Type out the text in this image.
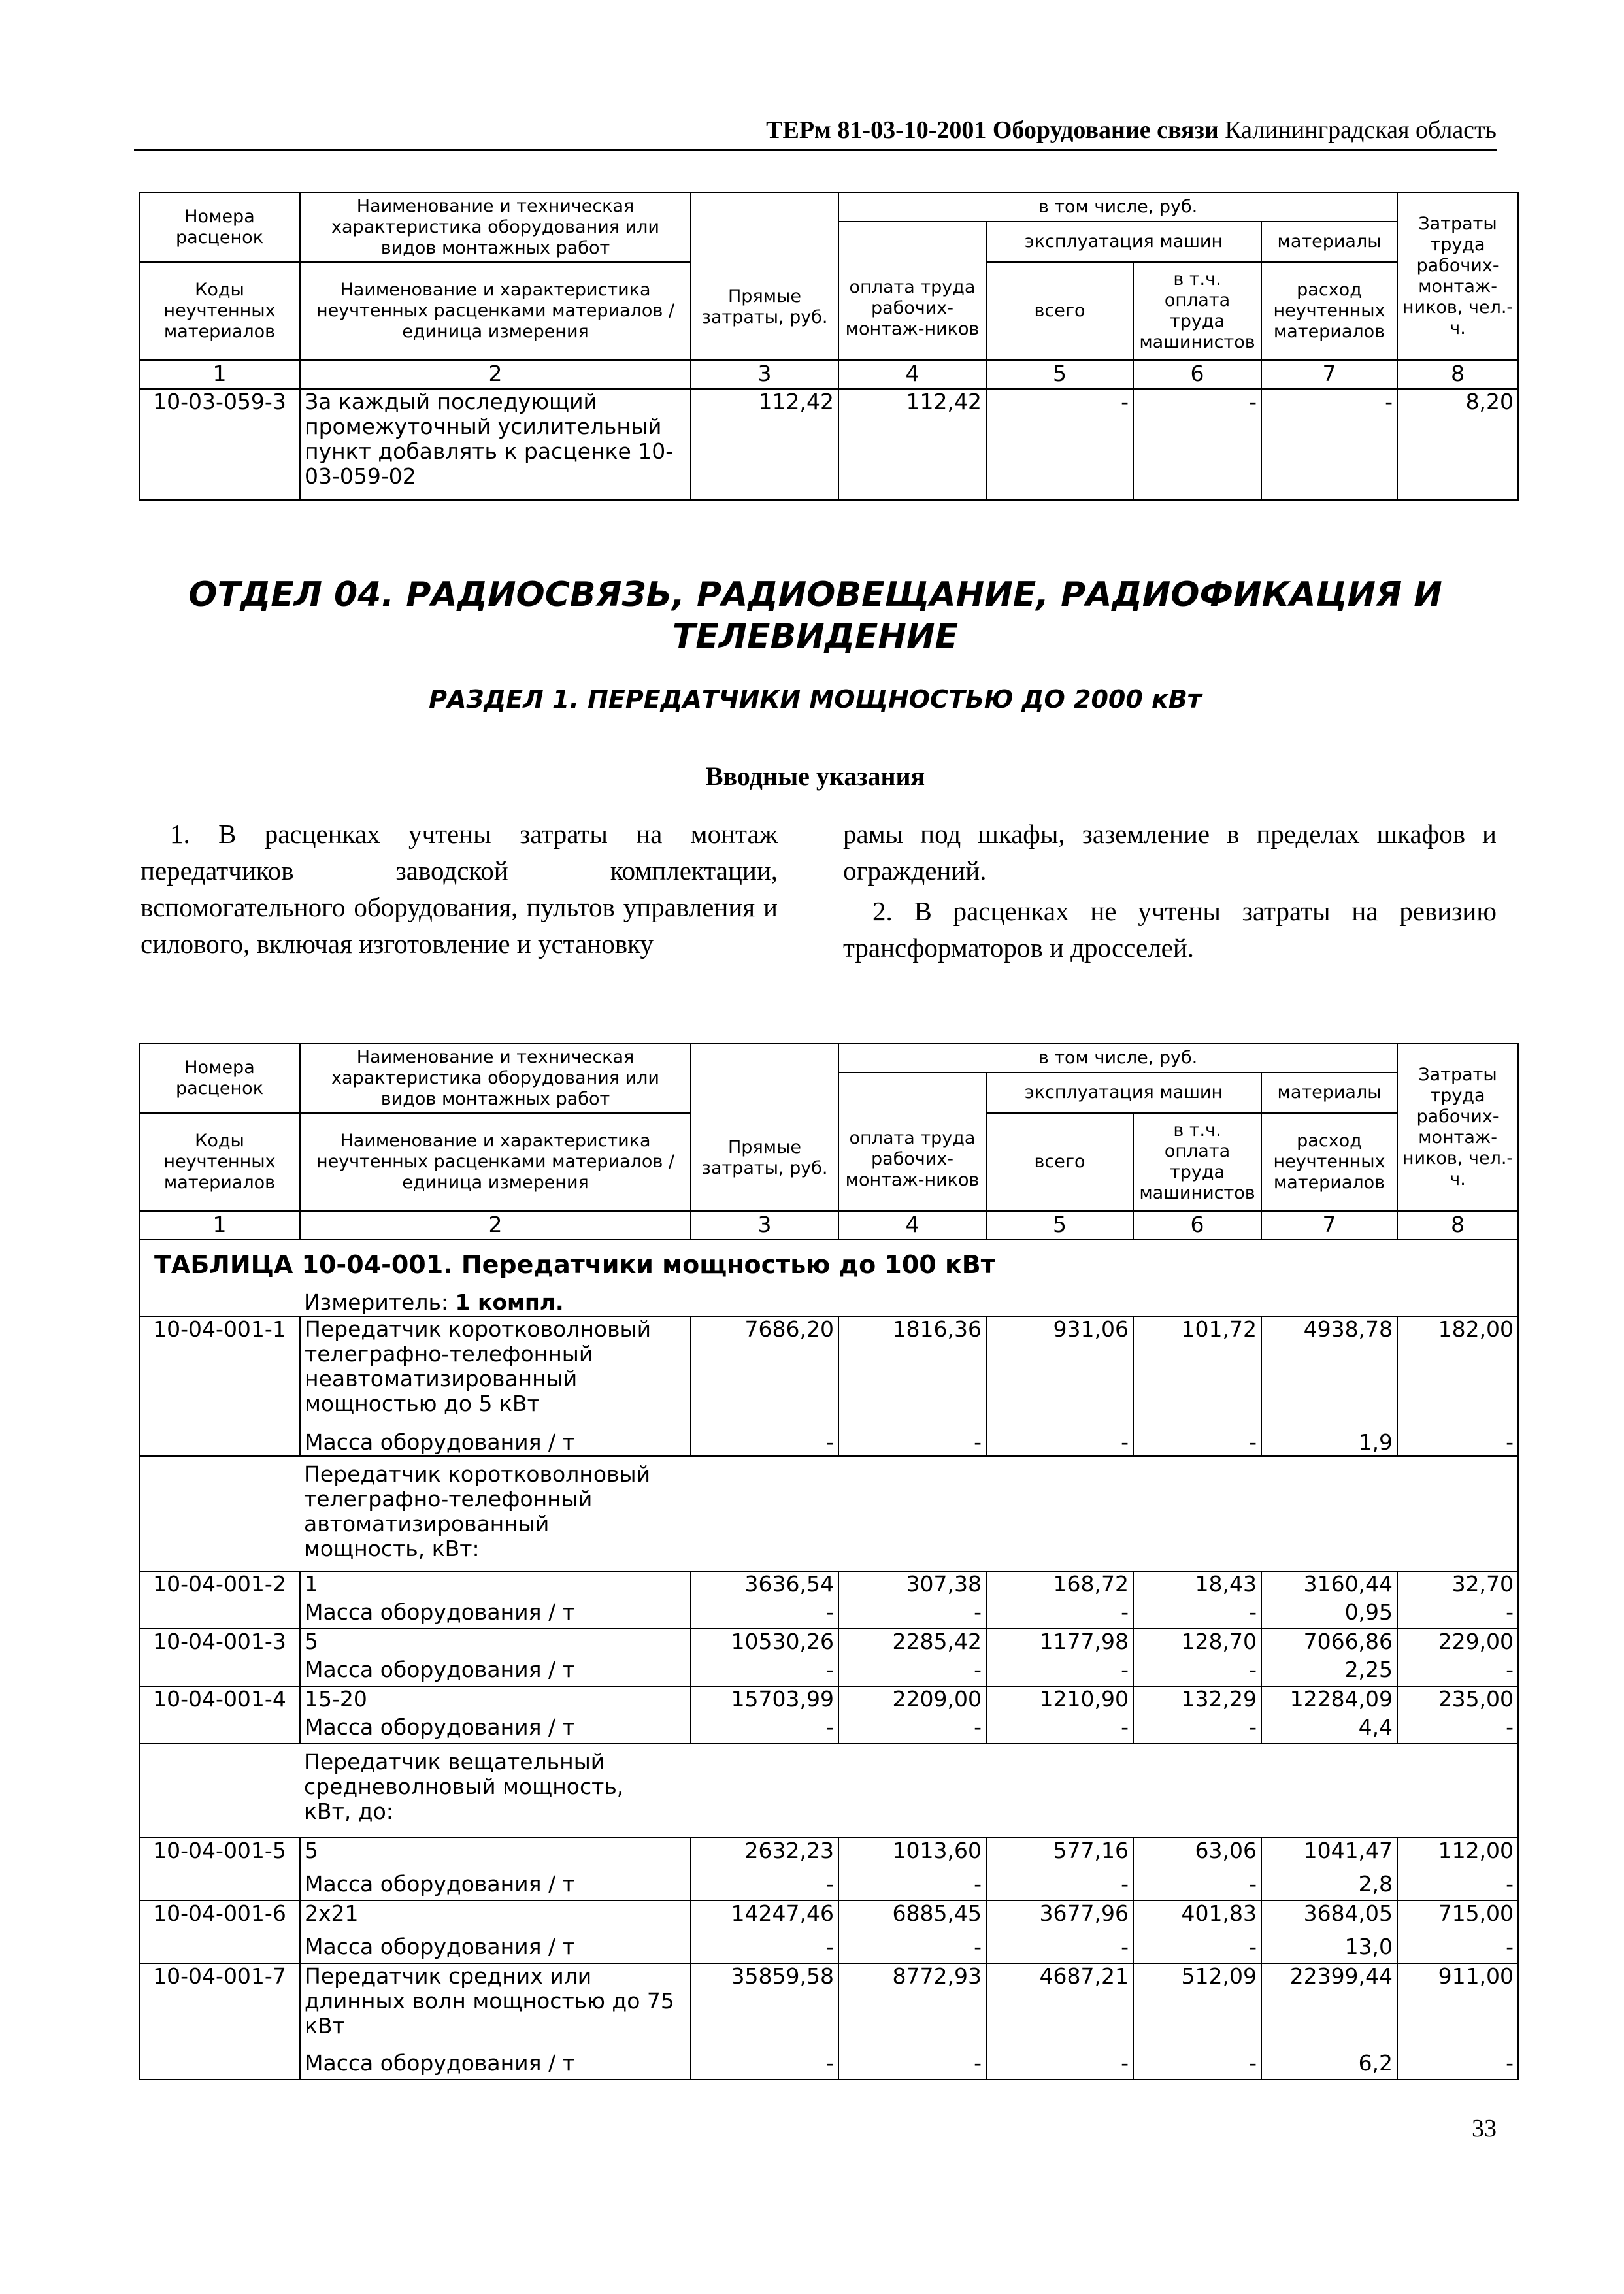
ТЕРм 81-03-10-2001 Оборудование связи Калининградская область
Номера расценок	Наименование и техническая характеристика оборудования или видов монтажных работ	Прямые затраты, руб.	в том числе, руб.				Затраты труда рабочих-монтаж-ников, чел.-ч.
			оплата труда рабочих-монтаж-ников	эксплуатация машин		материалы	
Коды неучтенных материалов	Наименование и характеристика неучтенных расценками материалов / единица измерения			всего	в т.ч. оплата труда машинистов	расход неучтенных материалов	

1	2	3	4	5	6	7	8
10-03-059-3	За каждый последующий промежуточный усилительный пункт добавлять к расценке 10-03-059-02	112,42	112,42	-	-	-	8,20
ОТДЕЛ 04. РАДИОСВЯЗЬ, РАДИОВЕЩАНИЕ, РАДИОФИКАЦИЯ И ТЕЛЕВИДЕНИЕ
РАЗДЕЛ 1. ПЕРЕДАТЧИКИ МОЩНОСТЬЮ ДО 2000 кВт
Вводные указания

1. В расценках учтены затраты на монтаж передатчиков заводской комплектации, вспомогательного оборудования, пультов управления и силового, включая изготовление и установку

рамы под шкафы, заземление в пределах шкафов и ограждений.

2. В расценках не учтены затраты на ревизию трансформаторов и дросселей.

Номера расценок	Наименование и техническая характеристика оборудования или видов монтажных работ	Прямые затраты, руб.	в том числе, руб.				Затраты труда рабочих-монтаж-ников, чел.-ч.
			оплата труда рабочих-монтаж-ников	эксплуатация машин		материалы	
Коды неучтенных материалов	Наименование и характеристика неучтенных расценками материалов / единица измерения			всего	в т.ч. оплата труда машинистов	расход неучтенных материалов	

1	2	3	4	5	6	7	8
ТАБЛИЦА 10-04-001. Передатчики мощностью до 100 кВт							
	Измеритель: 1 компл.						
10-04-001-1	Передатчик коротковолновый телеграфно-телефонный неавтоматизированный мощностью до 5 кВт	7686,20	1816,36	931,06	101,72	4938,78	182,00
	Масса оборудования / т	-	-	-	-	1,9	-

	Передатчик коротковолновый телеграфно-телефонный автоматизированный мощность, кВт:						

10-04-001-2	1	3636,54	307,38	168,72	18,43	3160,44	32,70
	Масса оборудования / т	-	-	-	-	0,95	-
10-04-001-3	5	10530,26	2285,42	1177,98	128,70	7066,86	229,00
	Масса оборудования / т	-	-	-	-	2,25	-
10-04-001-4	15-20	15703,99	2209,00	1210,90	132,29	12284,09	235,00
	Масса оборудования / т	-	-	-	-	4,4	-

	Передатчик вещательный средневолновый мощность, кВт, до:						

10-04-001-5	5	2632,23	1013,60	577,16	63,06	1041,47	112,00
	Масса оборудования / т	-	-	-	-	2,8	-
10-04-001-6	2x21	14247,46	6885,45	3677,96	401,83	3684,05	715,00
	Масса оборудования / т	-	-	-	-	13,0	-
10-04-001-7	Передатчик средних или длинных волн мощностью до 75 кВт	35859,58	8772,93	4687,21	512,09	22399,44	911,00
	Масса оборудования / т	-	-	-	-	6,2	-
33
